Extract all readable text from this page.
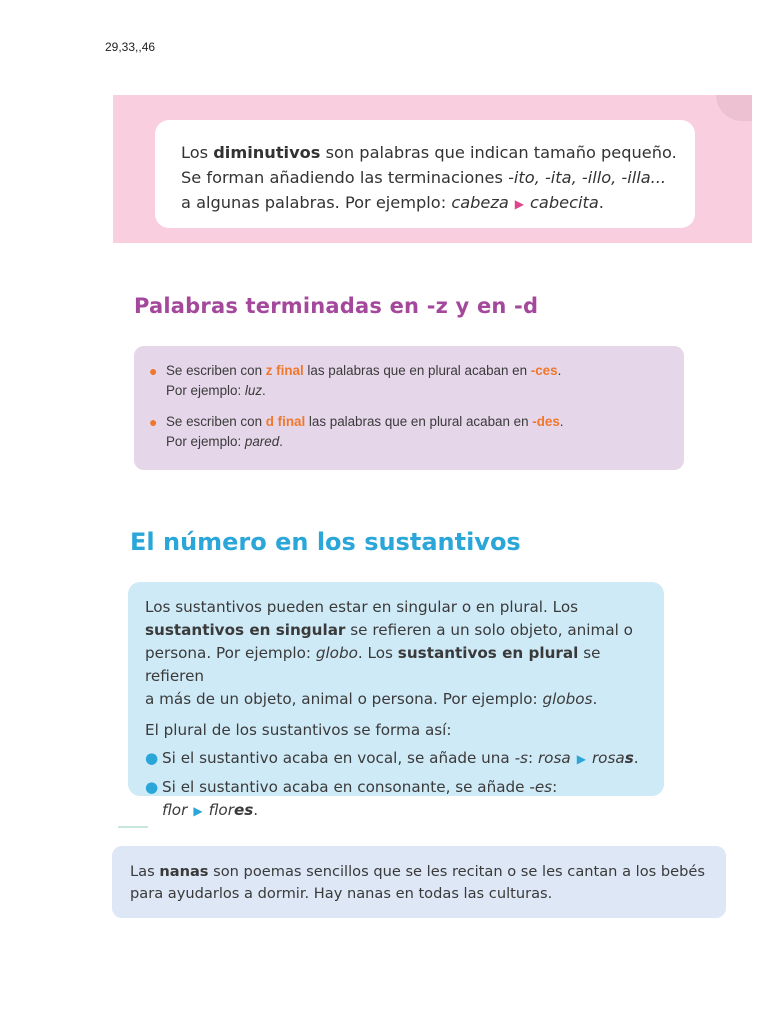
29,33,,46
Los diminutivos son palabras que indican tamaño pequeño.
Se forman añadiendo las terminaciones -ito, -ita, -illo, -illa...
a algunas palabras. Por ejemplo: cabeza ▶ cabecita.
Palabras terminadas en -z y en -d
● Se escriben con z final las palabras que en plural acaban en -ces.
Por ejemplo: luz.
● Se escriben con d final las palabras que en plural acaban en -des.
Por ejemplo: pared.
El número en los sustantivos

Los sustantivos pueden estar en singular o en plural. Los
sustantivos en singular se refieren a un solo objeto, animal o
persona. Por ejemplo: globo. Los sustantivos en plural se refieren
a más de un objeto, animal o persona. Por ejemplo: globos.

El plural de los sustantivos se forma así:

● Si el sustantivo acaba en vocal, se añade una -s: rosa ▶ rosas.
● Si el sustantivo acaba en consonante, se añade -es: flor ▶ flores.
Las nanas son poemas sencillos que se les recitan o se les cantan a los bebés
para ayudarlos a dormir. Hay nanas en todas las culturas.
